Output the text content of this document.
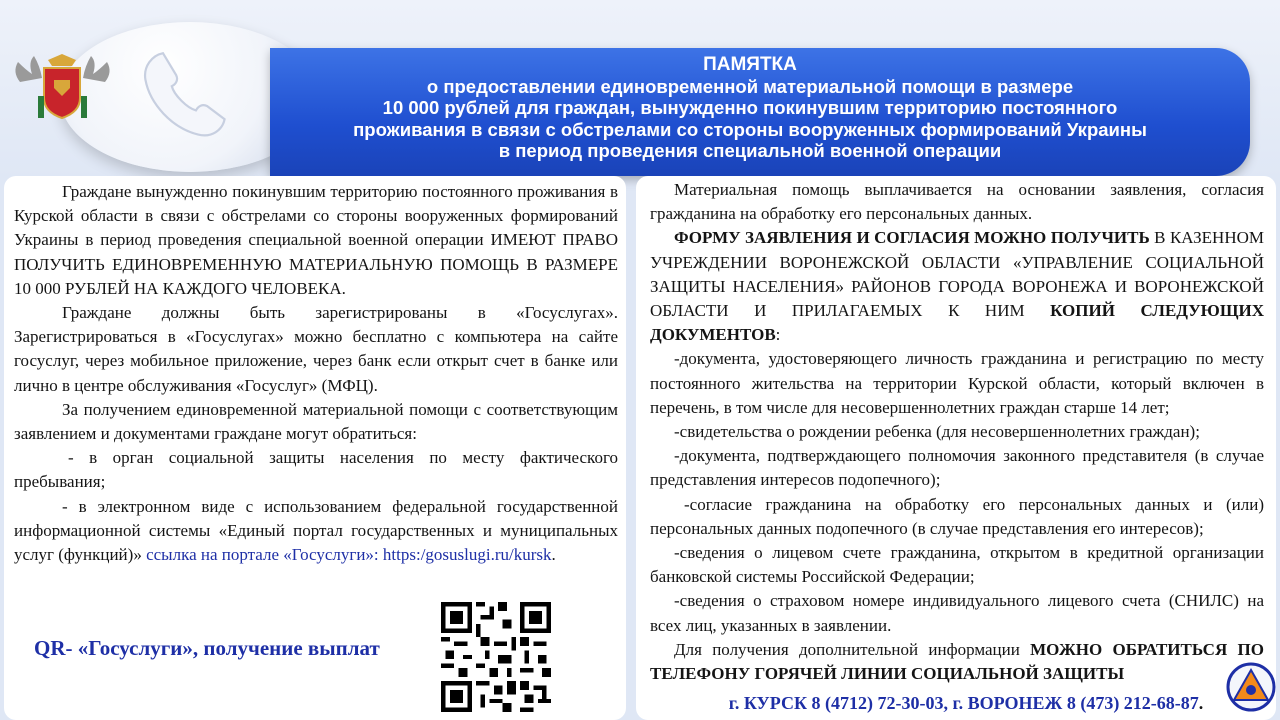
ПАМЯТКА
о предоставлении единовременной материальной помощи в размере
10 000 рублей для граждан, вынужденно покинувшим территорию постоянного
проживания в связи с обстрелами со стороны вооруженных формирований Украины
в период проведения специальной военной операции

Граждане вынужденно покинувшим территорию постоянного проживания в Курской области в связи с обстрелами со стороны вооруженных формирований Украины в период проведения специальной военной операции ИМЕЮТ ПРАВО ПОЛУЧИТЬ ЕДИНОВРЕМЕННУЮ МАТЕРИАЛЬНУЮ ПОМОЩЬ В РАЗМЕРЕ 10 000 РУБЛЕЙ НА КАЖДОГО ЧЕЛОВЕКА.

Граждане должны быть зарегистрированы в «Госуслугах». Зарегистрироваться в «Госуслугах» можно бесплатно с компьютера на сайте госуслуг, через мобильное приложение, через банк если открыт счет в банке или лично в центре обслуживания «Госуслуг» (МФЦ).

За получением единовременной материальной помощи с соответствующим заявлением и документами граждане могут обратиться:

- в орган социальной защиты населения по месту фактического пребывания;

- в электронном виде с использованием федеральной государственной информационной системы «Единый портал государственных и муниципальных услуг (функций)» ссылка на портале «Госуслуги»: https:/gosuslugi.ru/kursk.

QR- «Госуслуги», получение выплат

Материальная помощь выплачивается на основании заявления, согласия гражданина на обработку его персональных данных.

ФОРМУ ЗАЯВЛЕНИЯ И СОГЛАСИЯ МОЖНО ПОЛУЧИТЬ В КАЗЕННОМ УЧРЕЖДЕНИИ ВОРОНЕЖСКОЙ ОБЛАСТИ «УПРАВЛЕНИЕ СОЦИАЛЬНОЙ ЗАЩИТЫ НАСЕЛЕНИЯ» РАЙОНОВ ГОРОДА ВОРОНЕЖА И ВОРОНЕЖСКОЙ ОБЛАСТИ И ПРИЛАГАЕМЫХ К НИМ КОПИЙ СЛЕДУЮЩИХ ДОКУМЕНТОВ:

-документа, удостоверяющего личность гражданина и регистрацию по месту постоянного жительства на территории Курской области, который включен в перечень, в том числе для несовершеннолетних граждан старше 14 лет;

-свидетельства о рождении ребенка (для несовершеннолетних граждан);

-документа, подтверждающего полномочия законного представителя (в случае представления интересов подопечного);

-согласие гражданина на обработку его персональных данных и (или) персональных данных подопечного (в случае представления его интересов);

-сведения о лицевом счете гражданина, открытом в кредитной организации банковской системы Российской Федерации;

-сведения о страховом номере индивидуального лицевого счета (СНИЛС) на всех лиц, указанных в заявлении.

Для получения дополнительной информации МОЖНО ОБРАТИТЬСЯ ПО ТЕЛЕФОНУ ГОРЯЧЕЙ ЛИНИИ СОЦИАЛЬНОЙ ЗАЩИТЫ

г. КУРСК 8 (4712) 72-30-03, г. ВОРОНЕЖ 8 (473) 212-68-87.
